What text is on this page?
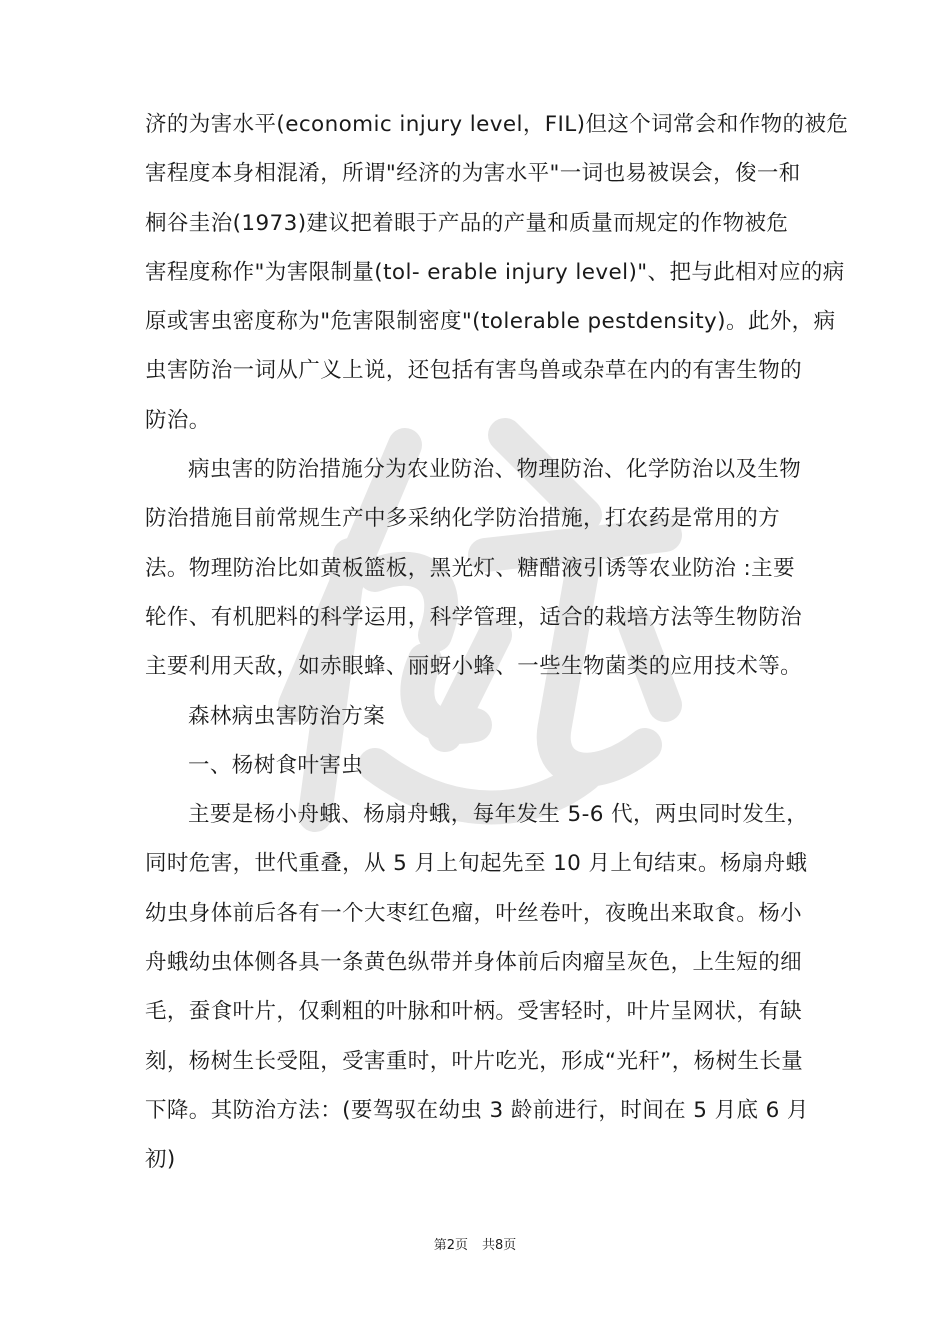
济的为害水平(economic injury level，FIL)但这个词常会和作物的被危
害程度本身相混淆，所谓"经济的为害水平"一词也易被误会，俊一和
桐谷圭治(1973)建议把着眼于产品的产量和质量而规定的作物被危
害程度称作"为害限制量(tol- erable injury level)"、把与此相对应的病
原或害虫密度称为"危害限制密度"(tolerable pestdensity)。此外，病
虫害防治一词从广义上说，还包括有害鸟兽或杂草在内的有害生物的
防治。
病虫害的防治措施分为农业防治、物理防治、化学防治以及生物
防治措施目前常规生产中多采纳化学防治措施，打农药是常用的方
法。物理防治比如黄板篮板，黑光灯、糖醋液引诱等农业防治 :主要
轮作、有机肥料的科学运用，科学管理，适合的栽培方法等生物防治
主要利用天敌，如赤眼蜂、丽蚜小蜂、一些生物菌类的应用技术等。
森林病虫害防治方案
一、杨树食叶害虫
主要是杨小舟蛾、杨扇舟蛾，每年发生 5-6 代，两虫同时发生，
同时危害，世代重叠，从 5 月上旬起先至 10 月上旬结束。杨扇舟蛾
幼虫身体前后各有一个大枣红色瘤，叶丝卷叶，夜晚出来取食。杨小
舟蛾幼虫体侧各具一条黄色纵带并身体前后肉瘤呈灰色，上生短的细
毛，蚕食叶片，仅剩粗的叶脉和叶柄。受害轻时，叶片呈网状，有缺
刻，杨树生长受阻，受害重时，叶片吃光，形成“光秆”，杨树生长量
下降。其防治方法：(要驾驭在幼虫 3 龄前进行，时间在 5 月底 6 月
初)
第2页 共8页
